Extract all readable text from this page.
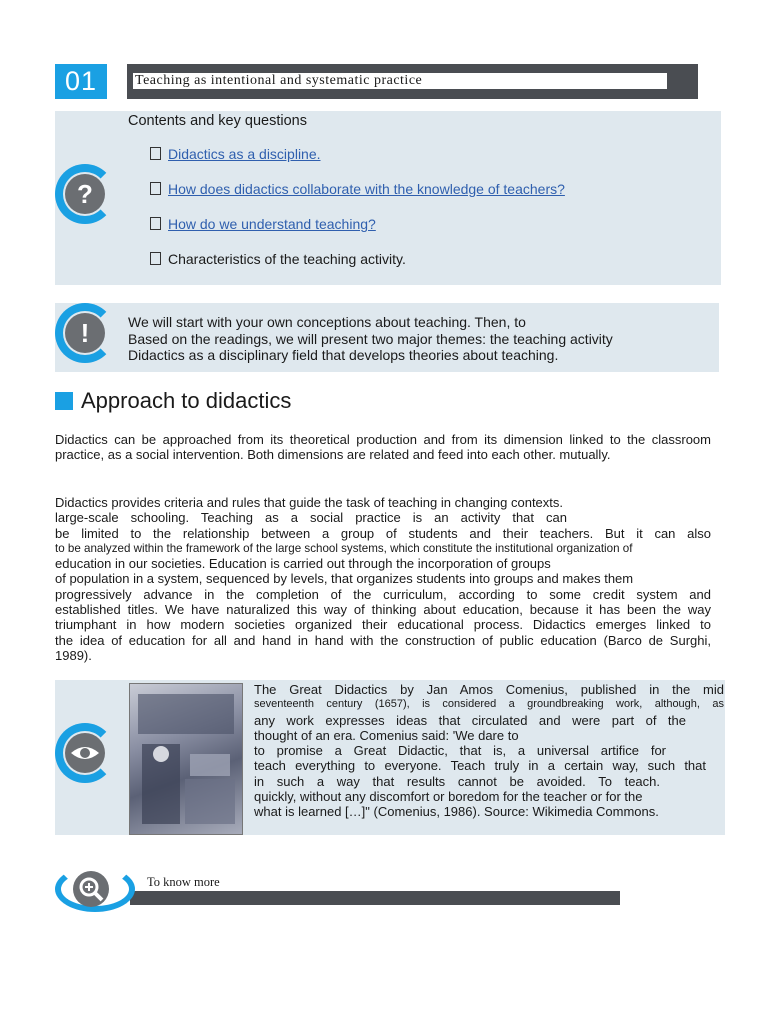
01	Teaching as intentional and systematic practice
?
Contents and key questions
Didactics as a discipline.
How does didactics collaborate with the knowledge of teachers?
How do we understand teaching?
Characteristics of the teaching activity.
!	We will start with your own conceptions about teaching. Then, to
Based on the readings, we will present two major themes: the teaching activity
Didactics as a disciplinary field that develops theories about teaching.
Approach to didactics
Didactics can be approached from its theoretical production and from its dimension linked to the classroom practice, as a social intervention. Both dimensions are related and feed into each other. mutually.
Didactics provides criteria and rules that guide the task of teaching in changing contexts.
large-scale schooling. Teaching as a social practice is an activity that can
be limited to the relationship between a group of students and their teachers. But it can also
to be analyzed within the framework of the large school systems, which constitute the institutional organization of
education in our societies. Education is carried out through the incorporation of groups
of population in a system, sequenced by levels, that organizes students into groups and makes them
progressively advance in the completion of the curriculum, according to some credit system and
established titles. We have naturalized this way of thinking about education, because it has been the way
triumphant in how modern societies organized their educational process. Didactics emerges linked to
the idea of education for all and hand in hand with the construction of public education (Barco de Surghi,
1989).
The Great Didactics by Jan Amos Comenius, published in the mid
seventeenth century (1657), is considered a groundbreaking work, although, as
any work expresses ideas that circulated and were part of the
thought of an era. Comenius said: 'We dare to
to promise a Great Didactic, that is, a universal artifice for
teach everything to everyone. Teach truly in a certain way, such that
in such a way that results cannot be avoided. To teach.
quickly, without any discomfort or boredom for the teacher or for the
what is learned […]" (Comenius, 1986). Source: Wikimedia Commons.
To know more
